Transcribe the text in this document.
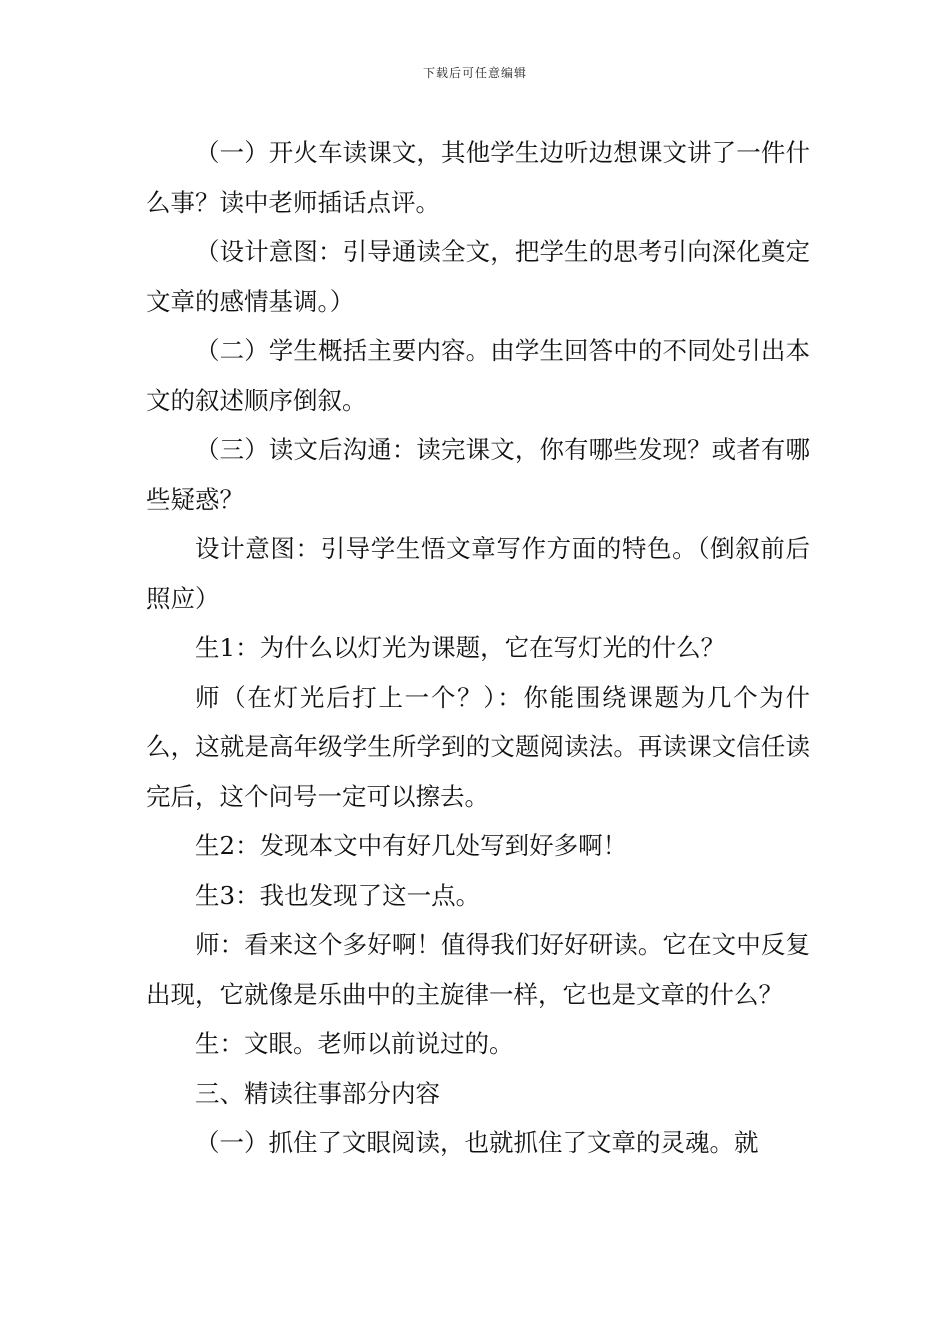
下载后可任意编辑

（一）开火车读课文，其他学生边听边想课文讲了一件什么事？读中老师插话点评。

（设计意图：引导通读全文，把学生的思考引向深化奠定文章的感情基调。）

（二）学生概括主要内容。由学生回答中的不同处引出本文的叙述顺序倒叙。

（三）读文后沟通：读完课文，你有哪些发现？或者有哪些疑惑？

设计意图：引导学生悟文章写作方面的特色。（倒叙前后照应）

生1：为什么以灯光为课题，它在写灯光的什么？

师（在灯光后打上一个？）：你能围绕课题为几个为什么，这就是高年级学生所学到的文题阅读法。再读课文信任读完后，这个问号一定可以擦去。

生2：发现本文中有好几处写到好多啊！

生3：我也发现了这一点。

师：看来这个多好啊！值得我们好好研读。它在文中反复出现，它就像是乐曲中的主旋律一样，它也是文章的什么？

生：文眼。老师以前说过的。

三、精读往事部分内容

（一）抓住了文眼阅读，也就抓住了文章的灵魂。就
